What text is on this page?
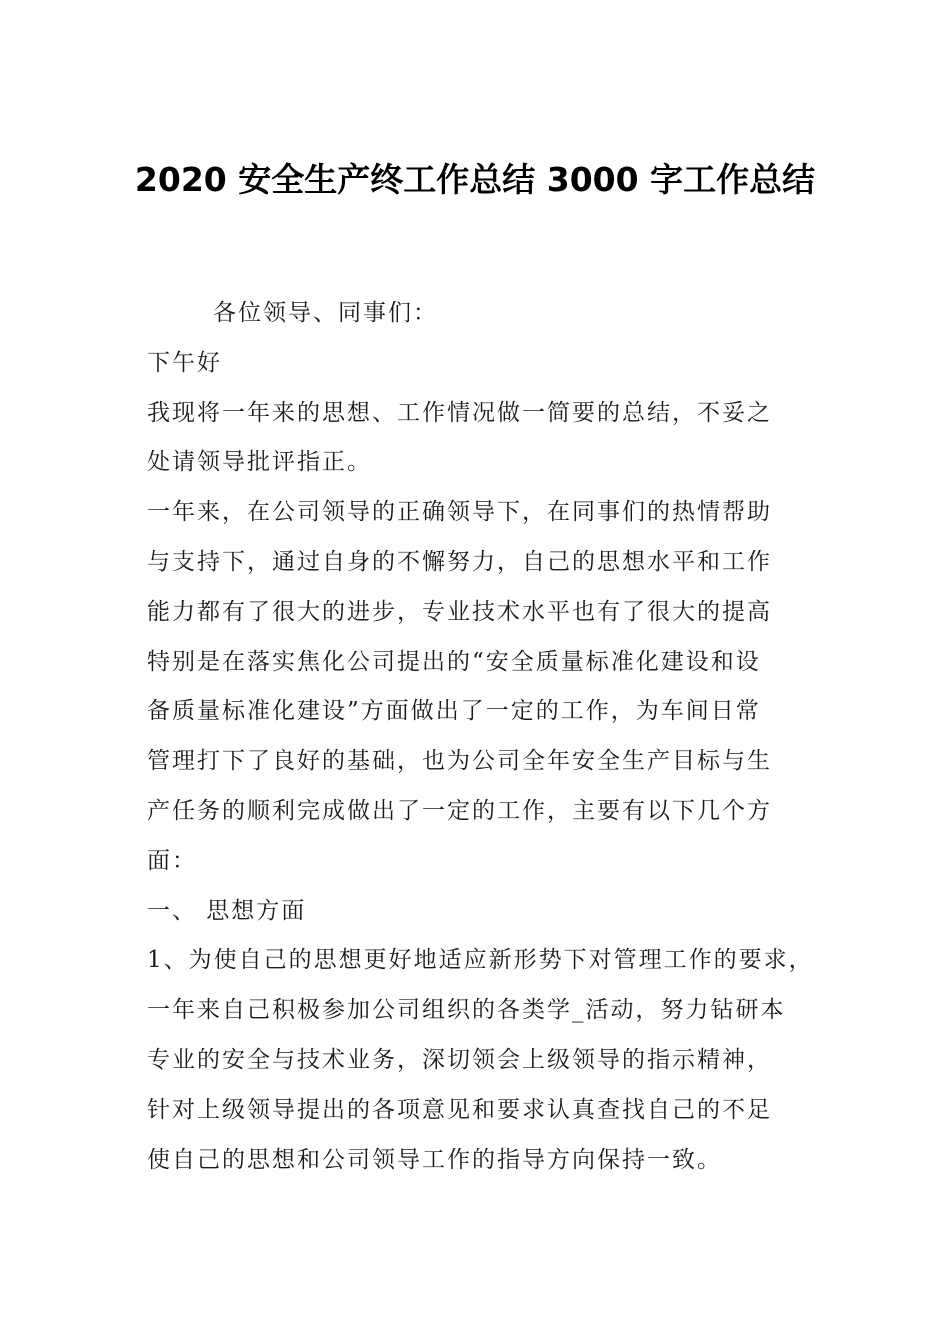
2020 安全生产终工作总结 3000 字工作总结

各位领导、同事们：

下午好

我现将一年来的思想、工作情况做一简要的总结，不妥之

处请领导批评指正。

一年来，在公司领导的正确领导下，在同事们的热情帮助

与支持下，通过自身的不懈努力，自己的思想水平和工作

能力都有了很大的进步，专业技术水平也有了很大的提高

特别是在落实焦化公司提出的“安全质量标准化建设和设

备质量标准化建设”方面做出了一定的工作，为车间日常

管理打下了良好的基础，也为公司全年安全生产目标与生

产任务的顺利完成做出了一定的工作，主要有以下几个方

面：

一、 思想方面

1、为使自己的思想更好地适应新形势下对管理工作的要求，

一年来自己积极参加公司组织的各类学_活动，努力钻研本

专业的安全与技术业务，深切领会上级领导的指示精神，

针对上级领导提出的各项意见和要求认真查找自己的不足

使自己的思想和公司领导工作的指导方向保持一致。
